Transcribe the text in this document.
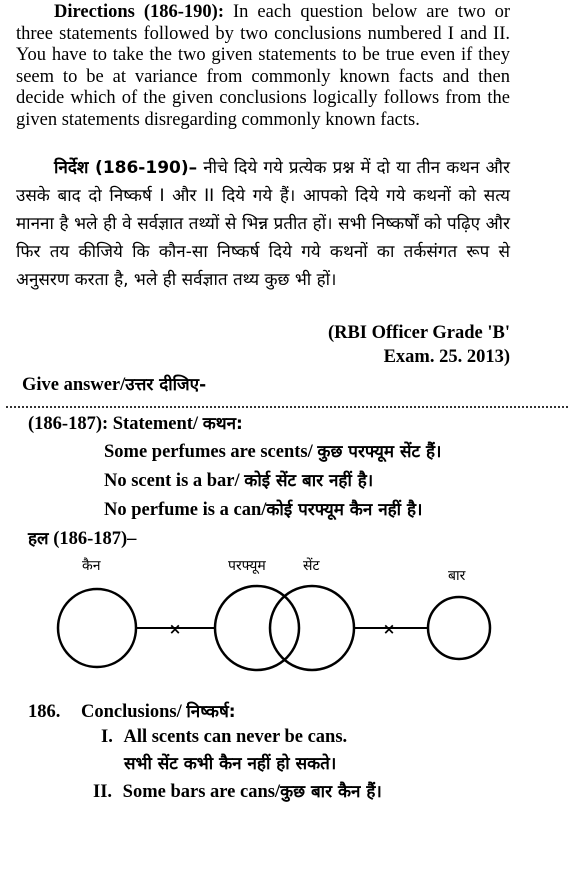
Directions (186-190): In each question below are two or three statements followed by two conclusions numbered I and II. You have to take the two given statements to be true even if they seem to be at variance from commonly known facts and then decide which of the given conclusions logically follows from the given statements disregarding commonly known facts.
निर्देश (186-190)– नीचे दिये गये प्रत्येक प्रश्न में दो या तीन कथन और उसके बाद दो निष्कर्ष I और II दिये गये हैं। आपको दिये गये कथनों को सत्य मानना है भले ही वे सर्वज्ञात तथ्यों से भिन्न प्रतीत हों। सभी निष्कर्षों को पढ़िए और फिर तय कीजिये कि कौन-सा निष्कर्ष दिये गये कथनों का तर्कसंगत रूप से अनुसरण करता है, भले ही सर्वज्ञात तथ्य कुछ भी हों।
(RBI Officer Grade 'B'
Exam. 25. 2013)
Give answer/उत्तर दीजिए-
(186-187): Statement/ कथन:
Some perfumes are scents/ कुछ परफ्यूम सेंट हैं।
No scent is a bar/ कोई सेंट बार नहीं है।
No perfume is a can/कोई परफ्यूम कैन नहीं है।
हल (186-187)–
कैन	परफ्यूम	सेंट
बार
×	×
186. Conclusions/ निष्कर्ष:
I. All scents can never be cans.
सभी सेंट कभी कैन नहीं हो सकते।
II. Some bars are cans/कुछ बार कैन हैं।
